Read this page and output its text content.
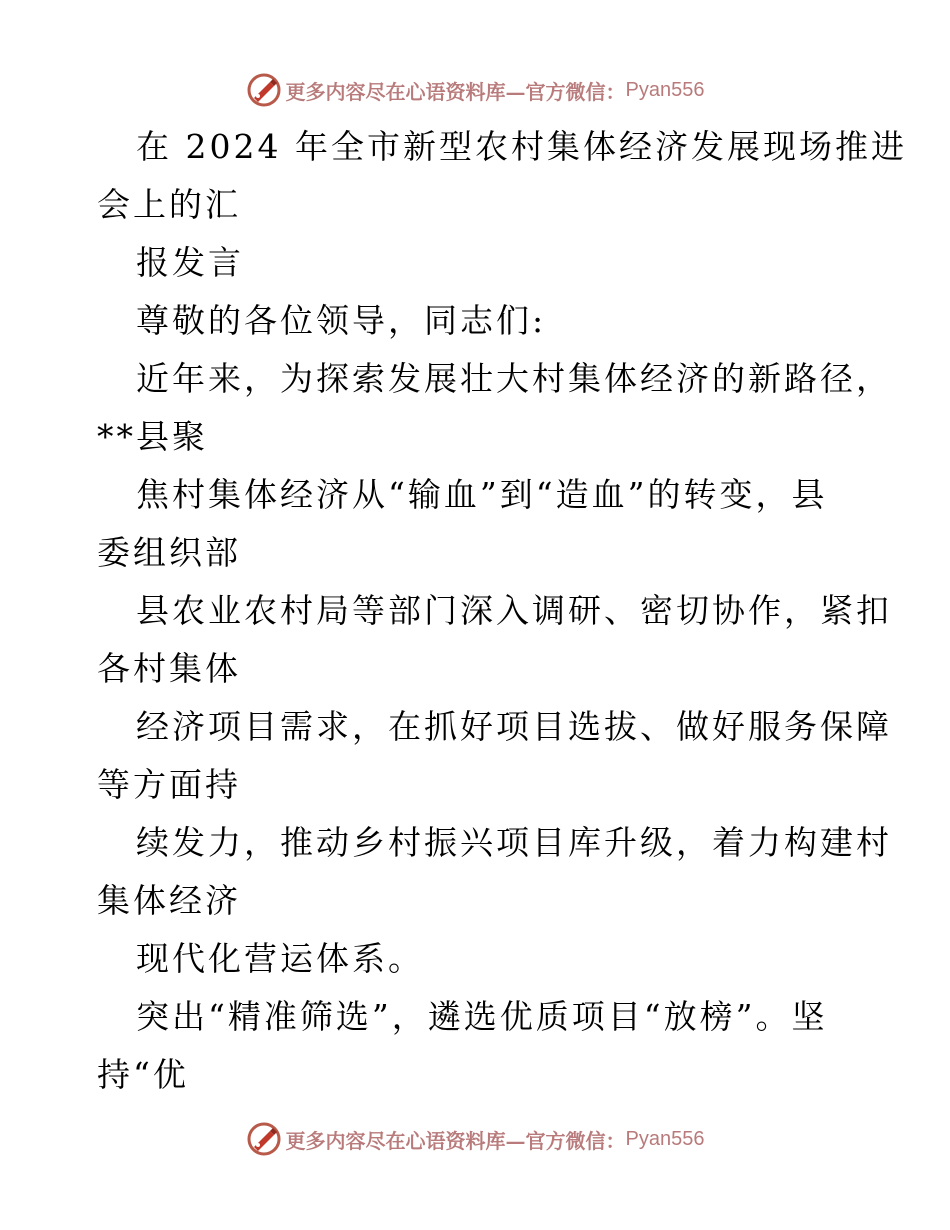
更多内容尽在心语资料库—官方微信： Pyan556

在 2024 年全市新型农村集体经济发展现场推进

会上的汇

报发言

尊敬的各位领导，同志们:

近年来，为探索发展壮大村集体经济的新路径，

**县聚

焦村集体经济从“输血”到“造血”的转变，县

委组织部

县农业农村局等部门深入调研、密切协作，紧扣

各村集体

经济项目需求，在抓好项目选拔、做好服务保障

等方面持

续发力，推动乡村振兴项目库升级，着力构建村

集体经济

现代化营运体系。

突出“精准筛选”，遴选优质项目“放榜”。坚

持“优

更多内容尽在心语资料库—官方微信： Pyan556
